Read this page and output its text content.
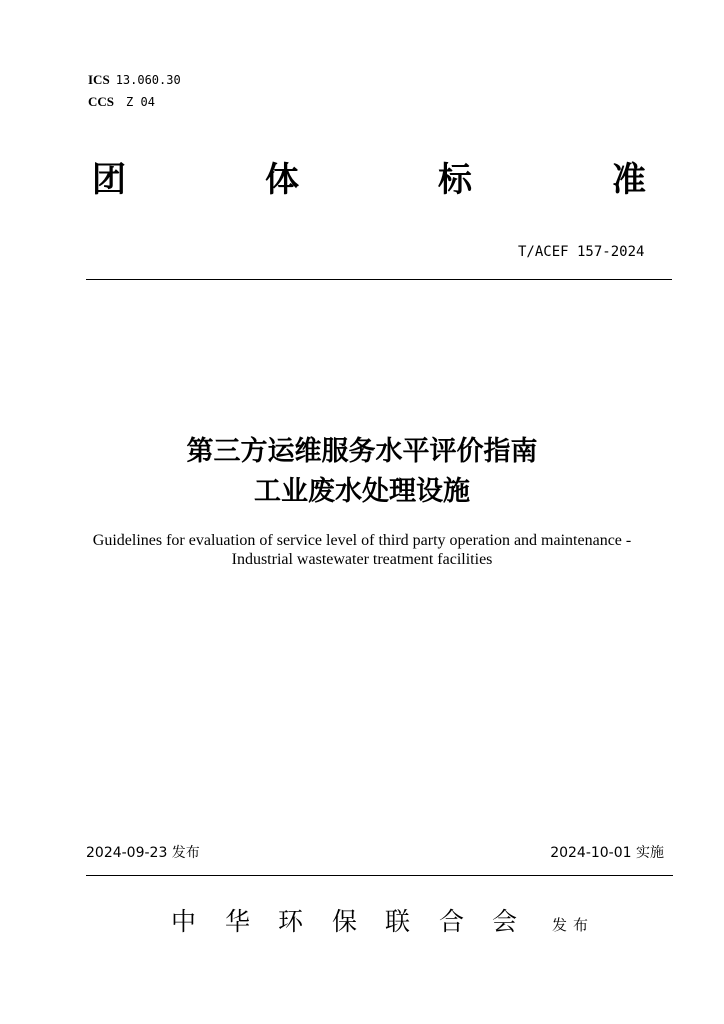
ICS 13.060.30
CCS Z 04
团	体	标	准
T/ACEF 157-2024
第三方运维服务水平评价指南
工业废水处理设施
Guidelines for evaluation of service level of third party operation and maintenance -
Industrial wastewater treatment facilities
2024-09-23 发布	2024-10-01 实施
中 华 环 保 联 合 会 发布
